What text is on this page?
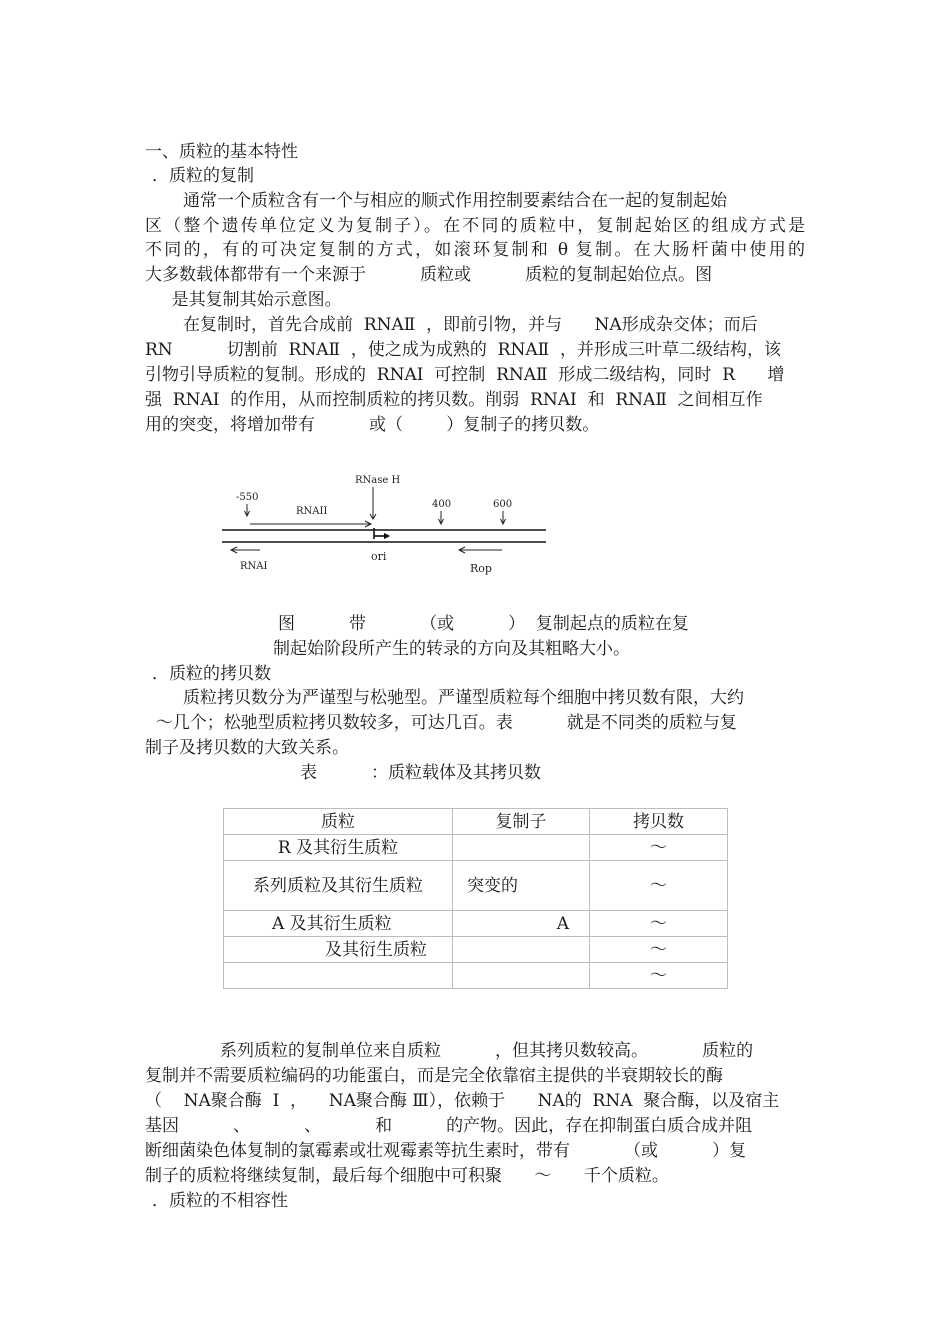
一、质粒的基本特性
．质粒的复制
通常一个质粒含有一个与相应的顺式作用控制要素结合在一起的复制起始
区（整个遗传单位定义为复制子）。在不同的质粒中，复制起始区的组成方式是
不同的，有的可决定复制的方式，如滚环复制和 θ 复制。在大肠杆菌中使用的
大多数载体都带有一个来源于          质粒或          质粒的复制起始位点。图
是其复制其始示意图。
在复制时，首先合成前  RNAⅡ  ，即前引物，并与      NA形成杂交体；而后
RN          切割前  RNAⅡ  ，使之成为成熟的  RNAⅡ  ，并形成三叶草二级结构，该
引物引导质粒的复制。形成的  RNAⅠ  可控制  RNAⅡ  形成二级结构，同时  R      增
强  RNAⅠ  的作用，从而控制质粒的拷贝数。削弱  RNAⅠ  和  RNAⅡ  之间相互作
用的突变，将增加带有          或（        ）复制子的拷贝数。
RNase H
-550
RNAII
400	600
ori
RNAI	Rop
图          带          （或          ）  复制起点的质粒在复
制起始阶段所产生的转录的方向及其粗略大小。
．质粒的拷贝数
质粒拷贝数分为严谨型与松驰型。严谨型质粒每个细胞中拷贝数有限，大约
～几个；松驰型质粒拷贝数较多，可达几百。表          就是不同类的质粒与复
制子及拷贝数的大致关系。
表          ：质粒载体及其拷贝数
质粒	复制子	拷贝数
R 及其衍生质粒		～
系列质粒及其衍生质粒	突变的	～
A 及其衍生质粒	A	～
及其衍生质粒		～
		～
系列质粒的复制单位来自质粒          ，但其拷贝数较高。          质粒的
复制并不需要质粒编码的功能蛋白，而是完全依靠宿主提供的半衰期较长的酶
（    NA聚合酶  Ⅰ  ，    NA聚合酶 Ⅲ），依赖于      NA的  RNA  聚合酶，以及宿主
基因          、          、          和          的产物。因此，存在抑制蛋白质合成并阻
断细菌染色体复制的氯霉素或壮观霉素等抗生素时，带有          （或          ）复
制子的质粒将继续复制，最后每个细胞中可积聚      ～      千个质粒。
．质粒的不相容性
